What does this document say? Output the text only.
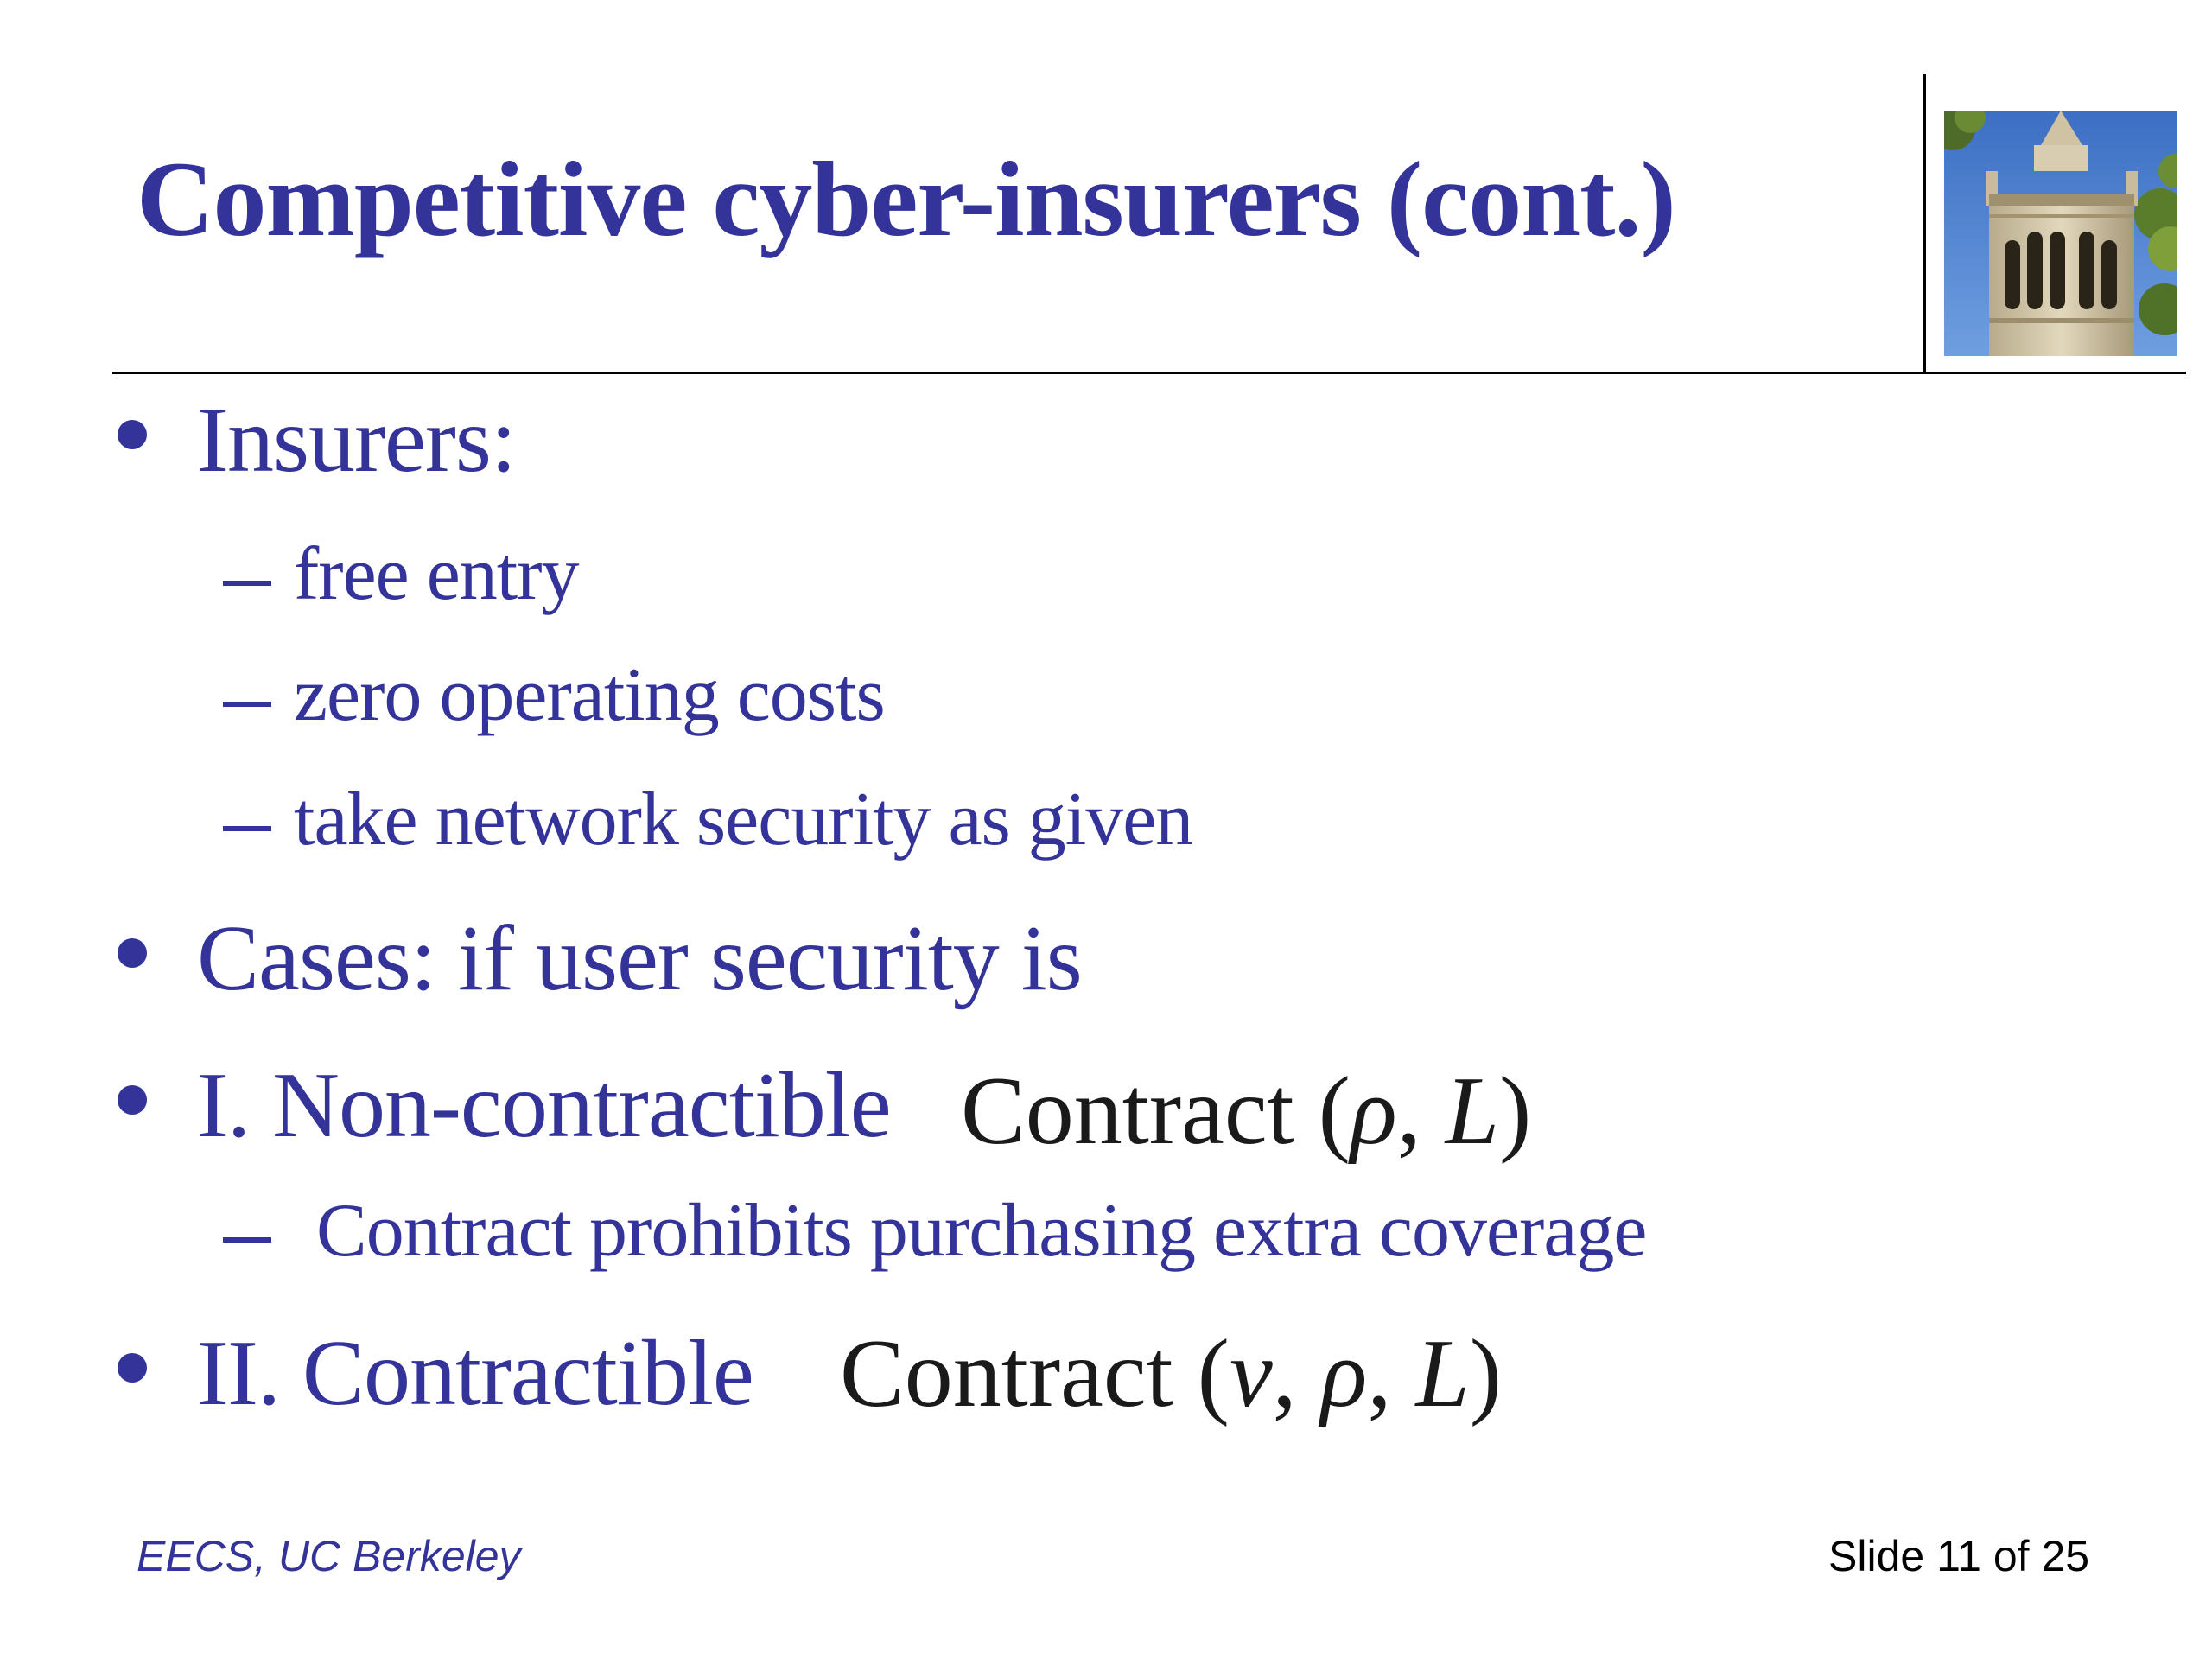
Competitive cyber-insurers (cont.)
Insurers:
free entry
zero operating costs
take network security as given
Cases: if user security is
I. Non-contractible Contract (ρ, L)
Contract prohibits purchasing extra coverage
II. Contractible Contract (v, ρ, L)
EECS, UC Berkeley	Slide 11 of 25
